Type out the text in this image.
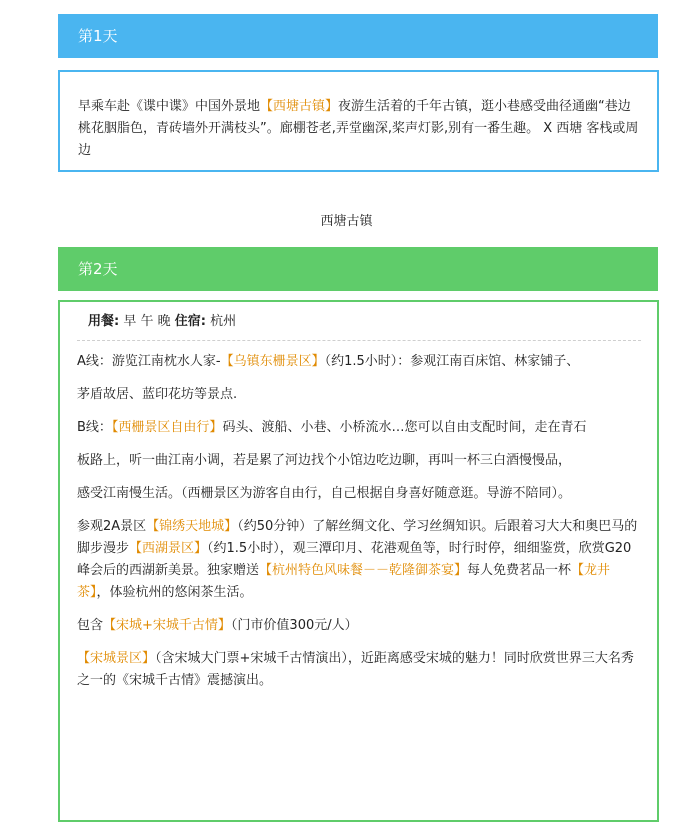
第1天

早乘车赴《谍中谍》中国外景地【西塘古镇】夜游生活着的千年古镇，逛小巷感受曲径通幽“巷边桃花胭脂色，青砖墙外开满枝头”。廊棚苍老,弄堂幽深,桨声灯影,别有一番生趣。 X 西塘 客栈或周边

西塘古镇
第2天
用餐: 早 午 晚 住宿: 杭州

A线：游览江南枕水人家-【乌镇东栅景区】（约1.5小时）：参观江南百床馆、林家铺子、

茅盾故居、蓝印花坊等景点.

B线：【西栅景区自由行】码头、渡船、小巷、小桥流水…您可以自由支配时间，走在青石

板路上，听一曲江南小调，若是累了河边找个小馆边吃边聊，再叫一杯三白酒慢慢品，

感受江南慢生活。（西栅景区为游客自由行，自己根据自身喜好随意逛。导游不陪同）。

参观2A景区【锦绣天地城】（约50分钟）了解丝绸文化、学习丝绸知识。后跟着习大大和奥巴马的脚步漫步【西湖景区】（约1.5小时），观三潭印月、花港观鱼等，时行时停，细细鉴赏，欣赏G20峰会后的西湖新美景。独家赠送【杭州特色风味餐－－乾隆御茶宴】每人免费茗品一杯【龙井茶】，体验杭州的悠闲茶生活。

包含【宋城+宋城千古情】（门市价值300元/人）

【宋城景区】（含宋城大门票+宋城千古情演出），近距离感受宋城的魅力！同时欣赏世界三大名秀之一的《宋城千古情》震撼演出。
